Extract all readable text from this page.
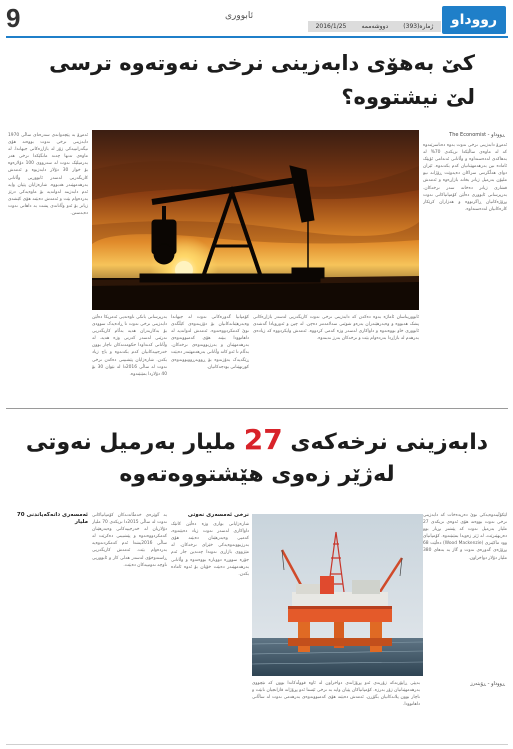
9	ئابووری
ژمارە(393)
دووشەممە
2016/1/25	رووداو
کێ بەهۆی دابەزینی نرخی نەوتەوە ترسی لێ نیشتووە؟
ڕووداو - The Economist
ئەمڕۆ بە پێچەوانەی سەرەتای ساڵی 1970 دابەزینی نرخی نەوت بووەتە هۆی نیگەرانییەکی زۆر لە بازاڕەکانی جیهاندا. لە ماوەی تەنها چەند مانگێکدا نرخی هەر بەرمیلێک نەوت لە سەرووی 100 دۆلارەوە بۆ خوار 30 دۆلار دابەزیوە و ئەمەش کاریگەریی لەسەر ئابووریی وڵاتانی بەرهەمهێنەر هەبووە. شارەزایان پێیان وایە ئەم دابەزینە لەوانەیە بۆ ماوەیەکی درێژ بەردەوام بێت و ئەمەش دەبێتە هۆی کێشەی زیاتر بۆ ئەو وڵاتانەی پشت بە داهاتی نەوت دەبەستن.
ئەمڕۆ دابەزینی نرخی نەوت بەوە دەناسرێتەوە کە لە ماوەی ساڵێکدا نزیکەی 70% لە بەهاکەی لەدەستداوە و وڵاتانی ئەندامی ئۆپێک ئامادە نین بەرهەمهێنانیان کەم بکەنەوە. ئێران دوای هەڵگرتنی سزاکان دەیەوێت ڕۆژانە نیو ملیۆن بەرمیل زیاتر بخاتە بازاڕەوە و ئەمەش فشاری زیاتر دەخاتە سەر نرخەکان. بەرپرسانی ئابووری دەڵێن کۆمپانیاکانی نەوت پڕۆژەکانیان ڕاگرتووە و هەزاران کرێکار کارەکانیان لەدەستداوە.
بەرپرسانی بانکی ناوەندیی ئەمریکا دەڵێن دابەزینی نرخی نەوت تا ڕادەیەک سوودی بۆ بەکاربەران هەیە بەڵام کاریگەریی نەرێنی لەسەر کەرتی وزە هەیە. لە وڵاتانی کەنداودا حکومەتەکان ناچار بوون خەرجییەکانیان کەم بکەنەوە و باج زیاد بکەن. شارەزایان پێشبینی دەکەن نرخی نەوت لە ساڵی 2016دا لە نێوان 30 بۆ 40 دۆلاردا بمێنێتەوە.
کۆمپانیا گەورەکانی نەوت لە جیهاندا وەبەرهێنانەکانیان بۆ دۆزینەوەی کێڵگەی نوێ کەمکردووەتەوە. ئەمەش لەوانەیە لە داهاتوودا ببێتە هۆی کەمبوونەوەی بەرهەمهێنان و بەرزبوونەوەی نرخەکان. بەڵام تا ئەو کاتە وڵاتانی بەرهەمهێنەر دەبێت ڕێگەیەک بدۆزنەوە بۆ ڕووبەڕووبوونەوەی کورتهێنانی بودجەکانیان.
ئابووریناسان ئاماژە بەوە دەکەن کە دابەزینی نرخی نەوت کاریگەریی لەسەر بازاڕەکانی پشک هەبووە و وەبەرهێنەران بەرەو شوێنی سەلامەتتر دەچن. لە چین و ئەوروپادا گەشەی ئابووری خاو بووەتەوە و داواکاری لەسەر وزە کەمی کردووە. ئەمەش وایکردووە کە زیادەی بەرهەم لە بازاڕدا بەردەوام بێت و نرخەکان بەرز نەبنەوە.
دابەزینی نرخەکەی 27 ملیار بەرمیل نەوتی لەژێر زەوی هێشتووەتەوە
ڕووداو - ڕۆیتەرز
لێکۆڵینەوەیەکی نوێ دەریدەخات کە دابەزینی نرخی نەوت بووەتە هۆی ئەوەی نزیکەی 27 ملیار بەرمیل نەوت کە پێشتر بڕیار بوو دەربهێنرێت، لە ژێر زەویدا بمێنێتەوە. کۆمپانیای وود ماکێنزی (Wood Mackenzie) دەڵێت 68 پڕۆژەی گەورەی نەوت و گاز بە بەهای 380 ملیار دۆلار دواخراون.
بەپێی ڕاپۆرتەکە زۆربەی ئەو پڕۆژانەی دواخراون لە ئاوە قووڵەکاندا بوون کە تێچووی بەرهەمهێنانیان زۆر بەرزە. کۆمپانیاکان پێیان وایە بە نرخی ئێستا ئەو پڕۆژانە قازانجیان نابێت و ناچار بوون پلانەکانیان بگۆڕن. ئەمەش دەبێتە هۆی کەمبوونەوەی بەرهەمی نەوت لە ساڵانی داهاتوودا.
نرخی ئەمسەری نەوتی
شارەزایانی بواری وزە دەڵێن کاتێک داواکاری لەسەر نەوت زیاد دەبێتەوە، کەمیی وەبەرهێنان دەبێتە هۆی بەرزبوونەوەیەکی خێرای نرخەکان. لە مێژووی بازاڕی نەوتدا چەندین جار ئەم جۆرە سووڕە دووبارە بووەتەوە و وڵاتانی بەرهەمهێنەر دەبێت خۆیان بۆ ئەوە ئامادە بکەن.
بە گوێرەی خەمڵاندنەکان کۆمپانیاکانی نەوت لە ساڵی 2015دا نزیکەی 70 ملیار دۆلاریان لە خەرجییەکانی وەبەرهێنان کەمکردووەتەوە و پێشبینی دەکرێت لە ساڵی 2016یشدا ئەم کەمکردنەوەیە بەردەوام بێت. ئەمەش کاریگەریی ڕاستەوخۆی لەسەر هەلی کار و ئابووریی ناوچە نەوتییەکان دەبێت.
ئەمسەری دانەگەیاندنی 70 ملیار
